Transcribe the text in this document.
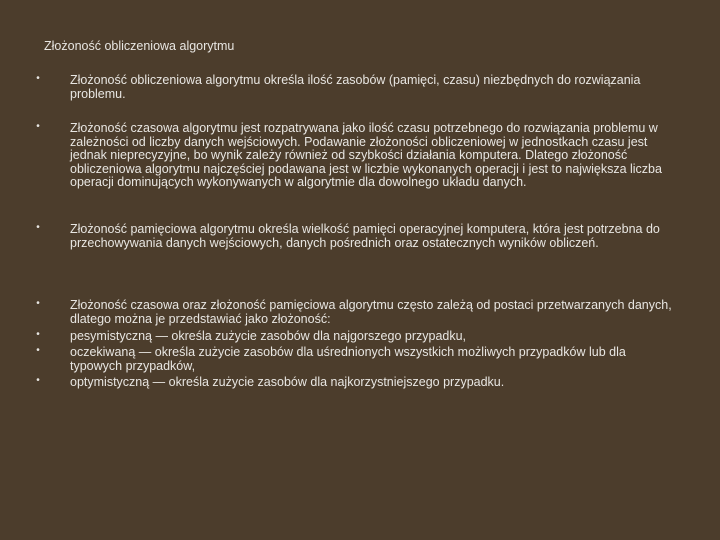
Złożoność obliczeniowa algorytmu
• Złożoność obliczeniowa algorytmu określa ilość zasobów (pamięci, czasu) niezbędnych do rozwiązania problemu.
• Złożoność czasowa algorytmu jest rozpatrywana jako ilość czasu potrzebnego do rozwiązania problemu w zależności od liczby danych wejściowych. Podawanie złożoności obliczeniowej w jednostkach czasu jest jednak nieprecyzyjne, bo wynik zależy również od szybkości działania komputera. Dlatego złożoność obliczeniowa algorytmu najczęściej podawana jest w liczbie wykonanych operacji i jest to największa liczba operacji dominujących wykonywanych w algorytmie dla dowolnego układu danych.
• Złożoność pamięciowa algorytmu określa wielkość pamięci operacyjnej komputera, która jest potrzebna do przechowywania danych wejściowych, danych pośrednich oraz ostatecznych wyników obliczeń.
• Złożoność czasowa oraz złożoność pamięciowa algorytmu często zależą od postaci przetwarzanych danych, dlatego można je przedstawiać jako złożoność:
• pesymistyczną — określa zużycie zasobów dla najgorszego przypadku,
• oczekiwaną — określa zużycie zasobów dla uśrednionych wszystkich możliwych przypadków lub dla typowych przypadków,
• optymistyczną — określa zużycie zasobów dla najkorzystniejszego przypadku.
